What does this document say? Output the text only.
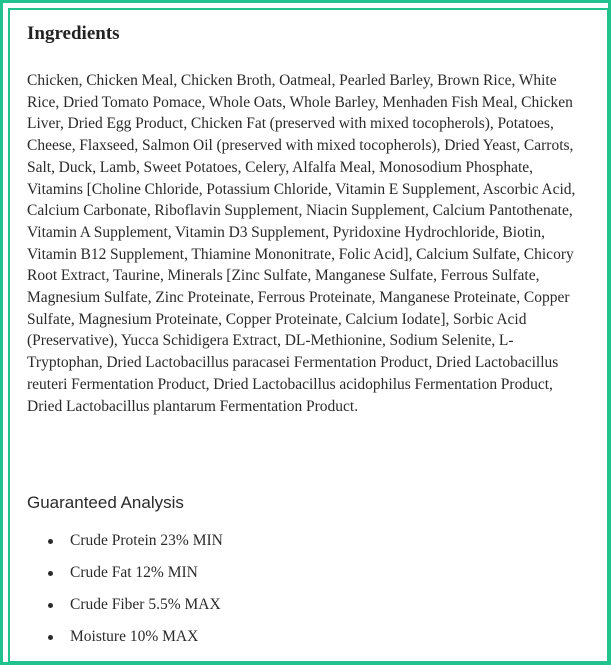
Ingredients

Chicken, Chicken Meal, Chicken Broth, Oatmeal, Pearled Barley, Brown Rice, White Rice, Dried Tomato Pomace, Whole Oats, Whole Barley, Menhaden Fish Meal, Chicken Liver, Dried Egg Product, Chicken Fat (preserved with mixed tocopherols), Potatoes, Cheese, Flaxseed, Salmon Oil (preserved with mixed tocopherols), Dried Yeast, Carrots, Salt, Duck, Lamb, Sweet Potatoes, Celery, Alfalfa Meal, Monosodium Phosphate, Vitamins [Choline Chloride, Potassium Chloride, Vitamin E Supplement, Ascorbic Acid, Calcium Carbonate, Riboflavin Supplement, Niacin Supplement, Calcium Pantothenate, Vitamin A Supplement, Vitamin D3 Supplement, Pyridoxine Hydrochloride, Biotin, Vitamin B12 Supplement, Thiamine Mononitrate, Folic Acid], Calcium Sulfate, Chicory Root Extract, Taurine, Minerals [Zinc Sulfate, Manganese Sulfate, Ferrous Sulfate, Magnesium Sulfate, Zinc Proteinate, Ferrous Proteinate, Manganese Proteinate, Copper Sulfate, Magnesium Proteinate, Copper Proteinate, Calcium Iodate], Sorbic Acid (Preservative), Yucca Schidigera Extract, DL-Methionine, Sodium Selenite, L-Tryptophan, Dried Lactobacillus paracasei Fermentation Product, Dried Lactobacillus reuteri Fermentation Product, Dried Lactobacillus acidophilus Fermentation Product, Dried Lactobacillus plantarum Fermentation Product.

Guaranteed Analysis
Crude Protein 23% MIN
Crude Fat 12% MIN
Crude Fiber 5.5% MAX
Moisture 10% MAX
